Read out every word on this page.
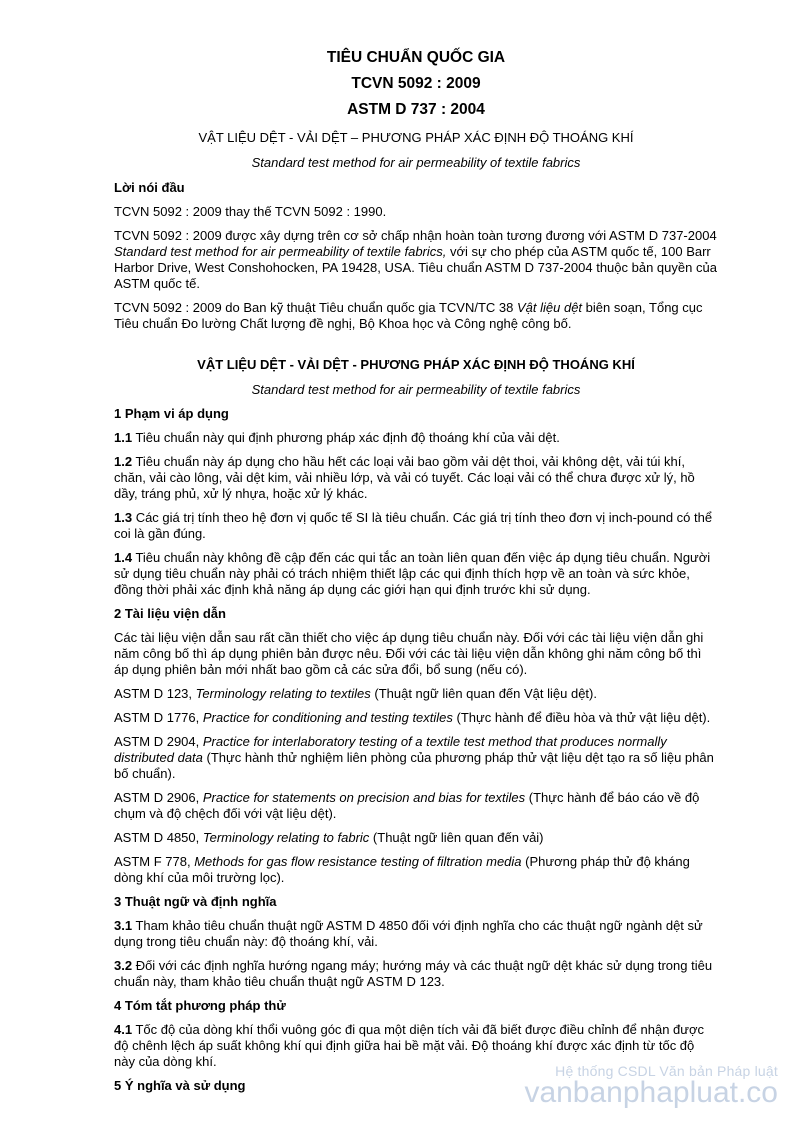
TIÊU CHUẨN QUỐC GIA

TCVN 5092 : 2009

ASTM D 737 : 2004

VẬT LIỆU DỆT - VẢI DỆT – PHƯƠNG PHÁP XÁC ĐỊNH ĐỘ THOÁNG KHÍ

Standard test method for air permeability of textile fabrics

Lời nói đầu

TCVN 5092 : 2009 thay thế TCVN 5092 : 1990.

TCVN 5092 : 2009 được xây dựng trên cơ sở chấp nhận hoàn toàn tương đương với ASTM D 737-2004 Standard test method for air permeability of textile fabrics, với sự cho phép của ASTM quốc tế, 100 Barr Harbor Drive, West Conshohocken, PA 19428, USA. Tiêu chuẩn ASTM D 737-2004 thuộc bản quyền của ASTM quốc tế.

TCVN 5092 : 2009 do Ban kỹ thuật Tiêu chuẩn quốc gia TCVN/TC 38 Vật liệu dệt biên soạn, Tổng cục Tiêu chuẩn Đo lường Chất lượng đề nghị, Bộ Khoa học và Công nghệ công bố.

VẬT LIỆU DỆT - VẢI DỆT - PHƯƠNG PHÁP XÁC ĐỊNH ĐỘ THOÁNG KHÍ

Standard test method for air permeability of textile fabrics

1 Phạm vi áp dụng

1.1 Tiêu chuẩn này qui định phương pháp xác định độ thoáng khí của vải dệt.

1.2 Tiêu chuẩn này áp dụng cho hầu hết các loại vải bao gồm vải dệt thoi, vải không dệt, vải túi khí, chăn, vải cào lông, vải dệt kim, vải nhiều lớp, và vải có tuyết. Các loại vải có thể chưa được xử lý, hồ dầy, tráng phủ, xử lý nhựa, hoặc xử lý khác.

1.3 Các giá trị tính theo hệ đơn vị quốc tế SI là tiêu chuẩn. Các giá trị tính theo đơn vị inch-pound có thể coi là gần đúng.

1.4 Tiêu chuẩn này không đề cập đến các qui tắc an toàn liên quan đến việc áp dụng tiêu chuẩn. Người sử dụng tiêu chuẩn này phải có trách nhiệm thiết lập các qui định thích hợp về an toàn và sức khỏe, đồng thời phải xác định khả năng áp dụng các giới hạn qui định trước khi sử dụng.

2 Tài liệu viện dẫn

Các tài liệu viện dẫn sau rất cần thiết cho việc áp dụng tiêu chuẩn này. Đối với các tài liệu viện dẫn ghi năm công bố thì áp dụng phiên bản được nêu. Đối với các tài liệu viện dẫn không ghi năm công bố thì áp dụng phiên bản mới nhất bao gồm cả các sửa đổi, bổ sung (nếu có).

ASTM D 123, Terminology relating to textiles (Thuật ngữ liên quan đến Vật liệu dệt).

ASTM D 1776, Practice for conditioning and testing textiles (Thực hành để điều hòa và thử vật liệu dệt).

ASTM D 2904, Practice for interlaboratory testing of a textile test method that produces normally distributed data (Thực hành thử nghiệm liên phòng của phương pháp thử vật liệu dệt tạo ra số liệu phân bố chuẩn).

ASTM D 2906, Practice for statements on precision and bias for textiles (Thực hành để báo cáo về độ chụm và độ chệch đối với vật liệu dệt).

ASTM D 4850, Terminology relating to fabric (Thuật ngữ liên quan đến vải)

ASTM F 778, Methods for gas flow resistance testing of filtration media (Phương pháp thử độ kháng dòng khí của môi trường lọc).

3 Thuật ngữ và định nghĩa

3.1 Tham khảo tiêu chuẩn thuật ngữ ASTM D 4850 đối với định nghĩa cho các thuật ngữ ngành dệt sử dụng trong tiêu chuẩn này: độ thoáng khí, vải.

3.2 Đối với các định nghĩa hướng ngang máy; hướng máy và các thuật ngữ dệt khác sử dụng trong tiêu chuẩn này, tham khảo tiêu chuẩn thuật ngữ ASTM D 123.

4 Tóm tắt phương pháp thử

4.1 Tốc độ của dòng khí thổi vuông góc đi qua một diện tích vải đã biết được điều chỉnh để nhận được độ chênh lệch áp suất không khí qui định giữa hai bề mặt vải. Độ thoáng khí được xác định từ tốc độ này của dòng khí.

5 Ý nghĩa và sử dụng

Hệ thống CSDL Văn bản Pháp luật
vanbanphapluat.co
